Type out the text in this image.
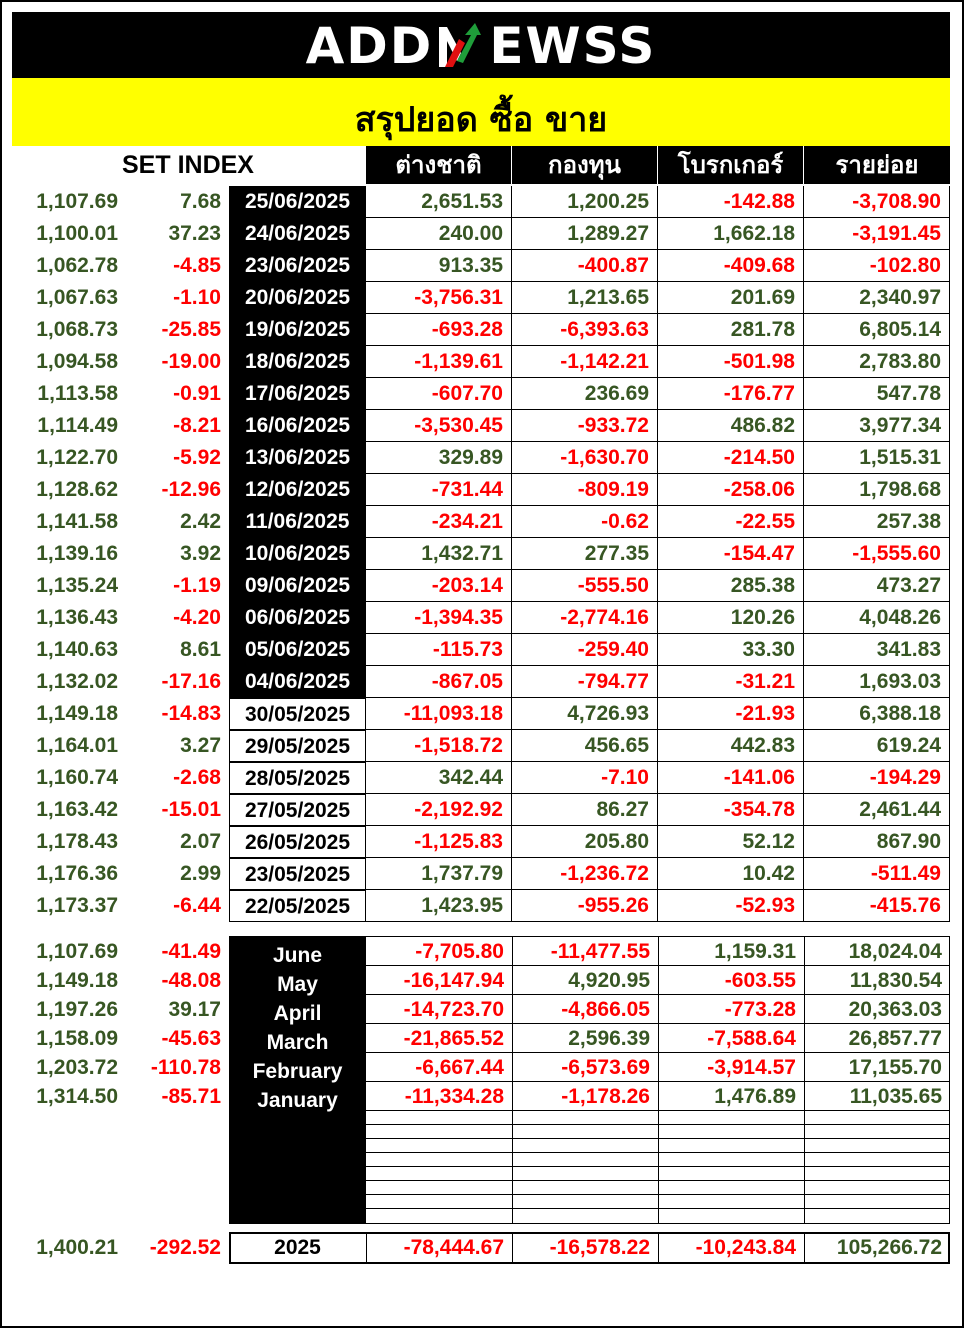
ADD EWSS
สรุปยอด ซื้อ ขาย
SET INDEX	ต่างชาติ	กองทุน	โบรกเกอร์	รายย่อย
1,107.69	7.68	25/06/2025	2,651.53	1,200.25	-142.88	-3,708.90
1,100.01	37.23	24/06/2025	240.00	1,289.27	1,662.18	-3,191.45
1,062.78	-4.85	23/06/2025	913.35	-400.87	-409.68	-102.80
1,067.63	-1.10	20/06/2025	-3,756.31	1,213.65	201.69	2,340.97
1,068.73	-25.85	19/06/2025	-693.28	-6,393.63	281.78	6,805.14
1,094.58	-19.00	18/06/2025	-1,139.61	-1,142.21	-501.98	2,783.80
1,113.58	-0.91	17/06/2025	-607.70	236.69	-176.77	547.78
1,114.49	-8.21	16/06/2025	-3,530.45	-933.72	486.82	3,977.34
1,122.70	-5.92	13/06/2025	329.89	-1,630.70	-214.50	1,515.31
1,128.62	-12.96	12/06/2025	-731.44	-809.19	-258.06	1,798.68
1,141.58	2.42	11/06/2025	-234.21	-0.62	-22.55	257.38
1,139.16	3.92	10/06/2025	1,432.71	277.35	-154.47	-1,555.60
1,135.24	-1.19	09/06/2025	-203.14	-555.50	285.38	473.27
1,136.43	-4.20	06/06/2025	-1,394.35	-2,774.16	120.26	4,048.26
1,140.63	8.61	05/06/2025	-115.73	-259.40	33.30	341.83
1,132.02	-17.16	04/06/2025	-867.05	-794.77	-31.21	1,693.03
1,149.18	-14.83	30/05/2025	-11,093.18	4,726.93	-21.93	6,388.18
1,164.01	3.27	29/05/2025	-1,518.72	456.65	442.83	619.24
1,160.74	-2.68	28/05/2025	342.44	-7.10	-141.06	-194.29
1,163.42	-15.01	27/05/2025	-2,192.92	86.27	-354.78	2,461.44
1,178.43	2.07	26/05/2025	-1,125.83	205.80	52.12	867.90
1,176.36	2.99	23/05/2025	1,737.79	-1,236.72	10.42	-511.49
1,173.37	-6.44	22/05/2025	1,423.95	-955.26	-52.93	-415.76
1,107.69	-41.49	June	-7,705.80	-11,477.55	1,159.31	18,024.04
1,149.18	-48.08	May	-16,147.94	4,920.95	-603.55	11,830.54
1,197.26	39.17	April	-14,723.70	-4,866.05	-773.28	20,363.03
1,158.09	-45.63	March	-21,865.52	2,596.39	-7,588.64	26,857.77
1,203.72	-110.78	February	-6,667.44	-6,573.69	-3,914.57	17,155.70
1,314.50	-85.71	January	-11,334.28	-1,178.26	1,476.89	11,035.65
1,400.21	-292.52	2025	-78,444.67	-16,578.22	-10,243.84	105,266.72
